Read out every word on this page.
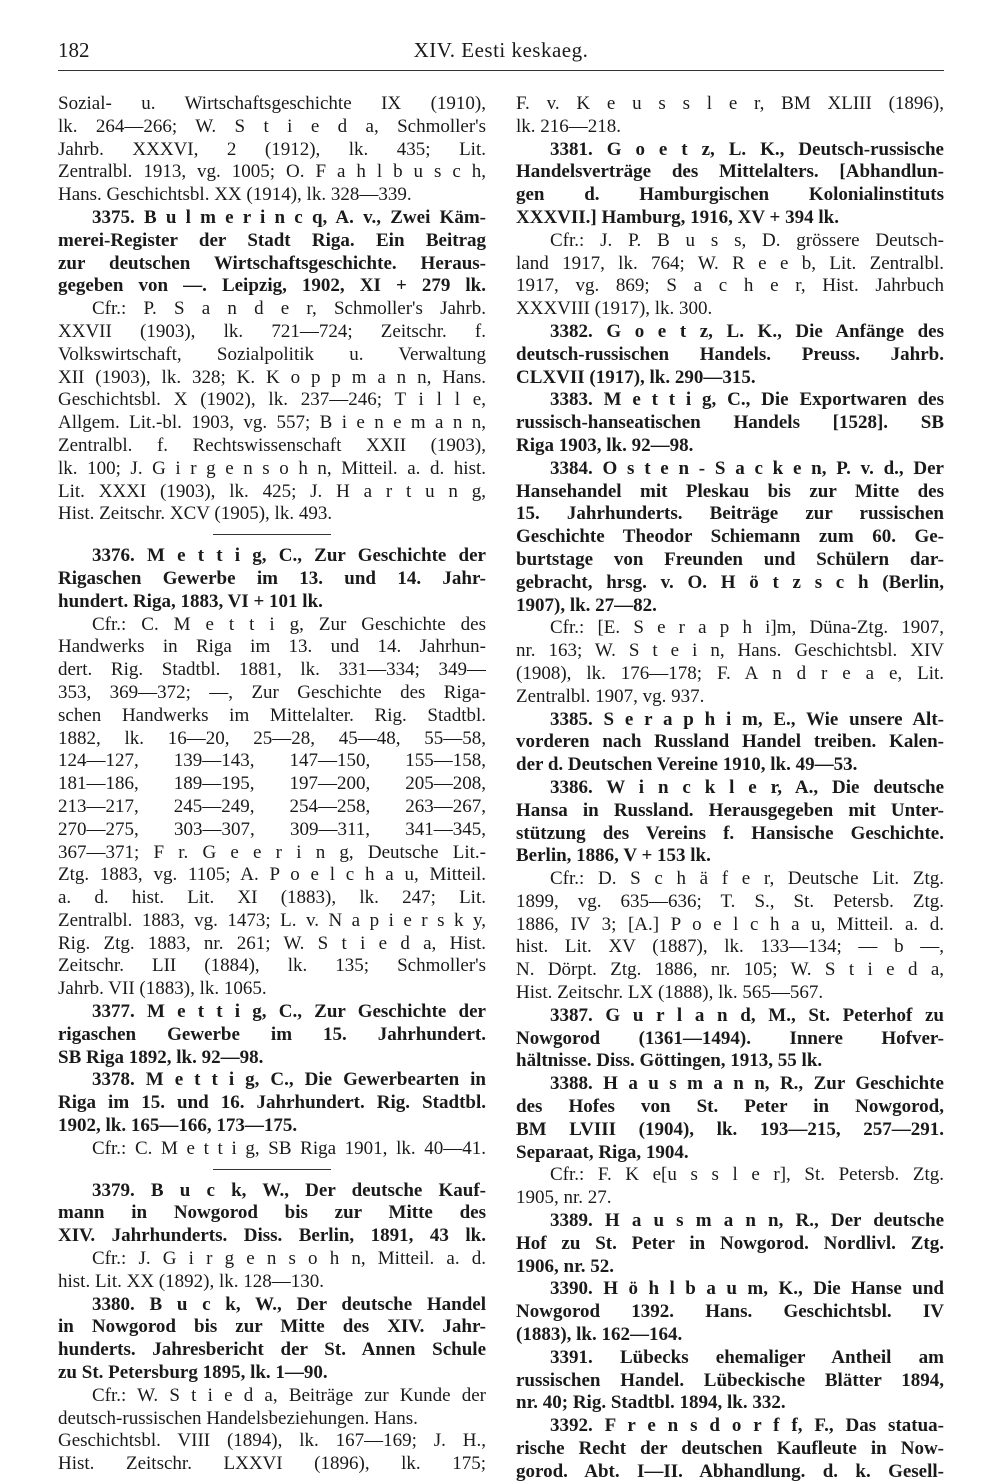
182	XIV. Eesti keskaeg.
Sozial- u. Wirtschaftsgeschichte IX (1910),
lk. 264—266; W. S t i e d a, Schmoller's
Jahrb. XXXVI, 2 (1912), lk. 435; Lit.
Zentralbl. 1913, vg. 1005; O. F a h l b u s c h,
Hans. Geschichtsbl. XX (1914), lk. 328—339.
3375. B u l m e r i n c q, A. v., Zwei Käm-
merei-Register der Stadt Riga. Ein Beitrag
zur deutschen Wirtschaftsgeschichte. Heraus-
gegeben von —. Leipzig, 1902, XI + 279 lk.
Cfr.: P. S a n d e r, Schmoller's Jahrb.
XXVII (1903), lk. 721—724; Zeitschr. f.
Volkswirtschaft, Sozialpolitik u. Verwaltung
XII (1903), lk. 328; K. K o p p m a n n, Hans.
Geschichtsbl. X (1902), lk. 237—246; T i l l e,
Allgem. Lit.-bl. 1903, vg. 557; B i e n e m a n n,
Zentralbl. f. Rechtswissenschaft XXII (1903),
lk. 100; J. G i r g e n s o h n, Mitteil. a. d. hist.
Lit. XXXI (1903), lk. 425; J. H a r t u n g,
Hist. Zeitschr. XCV (1905), lk. 493.
3376. M e t t i g, C., Zur Geschichte der
Rigaschen Gewerbe im 13. und 14. Jahr-
hundert. Riga, 1883, VI + 101 lk.
Cfr.: C. M e t t i g, Zur Geschichte des
Handwerks in Riga im 13. und 14. Jahrhun-
dert. Rig. Stadtbl. 1881, lk. 331—334; 349—
353, 369—372; —, Zur Geschichte des Riga-
schen Handwerks im Mittelalter. Rig. Stadtbl.
1882, lk. 16—20, 25—28, 45—48, 55—58,
124—127, 139—143, 147—150, 155—158,
181—186, 189—195, 197—200, 205—208,
213—217, 245—249, 254—258, 263—267,
270—275, 303—307, 309—311, 341—345,
367—371; F r. G e e r i n g, Deutsche Lit.-
Ztg. 1883, vg. 1105; A. P o e l c h a u, Mitteil.
a. d. hist. Lit. XI (1883), lk. 247; Lit.
Zentralbl. 1883, vg. 1473; L. v. N a p i e r s k y,
Rig. Ztg. 1883, nr. 261; W. S t i e d a, Hist.
Zeitschr. LII (1884), lk. 135; Schmoller's
Jahrb. VII (1883), lk. 1065.
3377. M e t t i g, C., Zur Geschichte der
rigaschen Gewerbe im 15. Jahrhundert.
SB Riga 1892, lk. 92—98.
3378. M e t t i g, C., Die Gewerbearten in
Riga im 15. und 16. Jahrhundert. Rig. Stadtbl.
1902, lk. 165—166, 173—175.
Cfr.: C. M e t t i g, SB Riga 1901, lk. 40—41.
3379. B u c k, W., Der deutsche Kauf-
mann in Nowgorod bis zur Mitte des
XIV. Jahrhunderts. Diss. Berlin, 1891, 43 lk.
Cfr.: J. G i r g e n s o h n, Mitteil. a. d.
hist. Lit. XX (1892), lk. 128—130.
3380. B u c k, W., Der deutsche Handel
in Nowgorod bis zur Mitte des XIV. Jahr-
hunderts. Jahresbericht der St. Annen Schule
zu St. Petersburg 1895, lk. 1—90.
Cfr.: W. S t i e d a, Beiträge zur Kunde der
deutsch-russischen Handelsbeziehungen. Hans.
Geschichtsbl. VIII (1894), lk. 167—169; J. H.,
Hist. Zeitschr. LXXVI (1896), lk. 175;
F. v. K e u s s l e r, BM XLIII (1896),
lk. 216—218.
3381. G o e t z, L. K., Deutsch-russische
Handelsverträge des Mittelalters. [Abhandlun-
gen d. Hamburgischen Kolonialinstituts
XXXVII.] Hamburg, 1916, XV + 394 lk.
Cfr.: J. P. B u s s, D. grössere Deutsch-
land 1917, lk. 764; W. R e e b, Lit. Zentralbl.
1917, vg. 869; S a c h e r, Hist. Jahrbuch
XXXVIII (1917), lk. 300.
3382. G o e t z, L. K., Die Anfänge des
deutsch-russischen Handels. Preuss. Jahrb.
CLXVII (1917), lk. 290—315.
3383. M e t t i g, C., Die Exportwaren des
russisch-hanseatischen Handels [1528]. SB
Riga 1903, lk. 92—98.
3384. O s t e n - S a c k e n, P. v. d., Der
Hansehandel mit Pleskau bis zur Mitte des
15. Jahrhunderts. Beiträge zur russischen
Geschichte Theodor Schiemann zum 60. Ge-
burtstage von Freunden und Schülern dar-
gebracht, hrsg. v. O. H ö t z s c h (Berlin,
1907), lk. 27—82.
Cfr.: [E. S e r a p h i]m, Düna-Ztg. 1907,
nr. 163; W. S t e i n, Hans. Geschichtsbl. XIV
(1908), lk. 176—178; F. A n d r e a e, Lit.
Zentralbl. 1907, vg. 937.
3385. S e r a p h i m, E., Wie unsere Alt-
vorderen nach Russland Handel treiben. Kalen-
der d. Deutschen Vereine 1910, lk. 49—53.
3386. W i n c k l e r, A., Die deutsche
Hansa in Russland. Herausgegeben mit Unter-
stützung des Vereins f. Hansische Geschichte.
Berlin, 1886, V + 153 lk.
Cfr.: D. S c h ä f e r, Deutsche Lit. Ztg.
1899, vg. 635—636; T. S., St. Petersb. Ztg.
1886, IV 3; [A.] P o e l c h a u, Mitteil. a. d.
hist. Lit. XV (1887), lk. 133—134; — b —,
N. Dörpt. Ztg. 1886, nr. 105; W. S t i e d a,
Hist. Zeitschr. LX (1888), lk. 565—567.
3387. G u r l a n d, M., St. Peterhof zu
Nowgorod (1361—1494). Innere Hofver-
hältnisse. Diss. Göttingen, 1913, 55 lk.
3388. H a u s m a n n, R., Zur Geschichte
des Hofes von St. Peter in Nowgorod,
BM LVIII (1904), lk. 193—215, 257—291.
Separaat, Riga, 1904.
Cfr.: F. K e[u s s l e r], St. Petersb. Ztg.
1905, nr. 27.
3389. H a u s m a n n, R., Der deutsche
Hof zu St. Peter in Nowgorod. Nordlivl. Ztg.
1906, nr. 52.
3390. H ö h l b a u m, K., Die Hanse und
Nowgorod 1392. Hans. Geschichtsbl. IV
(1883), lk. 162—164.
3391. Lübecks ehemaliger Antheil am
russischen Handel. Lübeckische Blätter 1894,
nr. 40; Rig. Stadtbl. 1894, lk. 332.
3392. F r e n s d o r f f, F., Das statua-
rische Recht der deutschen Kaufleute in Now-
gorod. Abt. I—II. Abhandlung. d. k. Gesell-
